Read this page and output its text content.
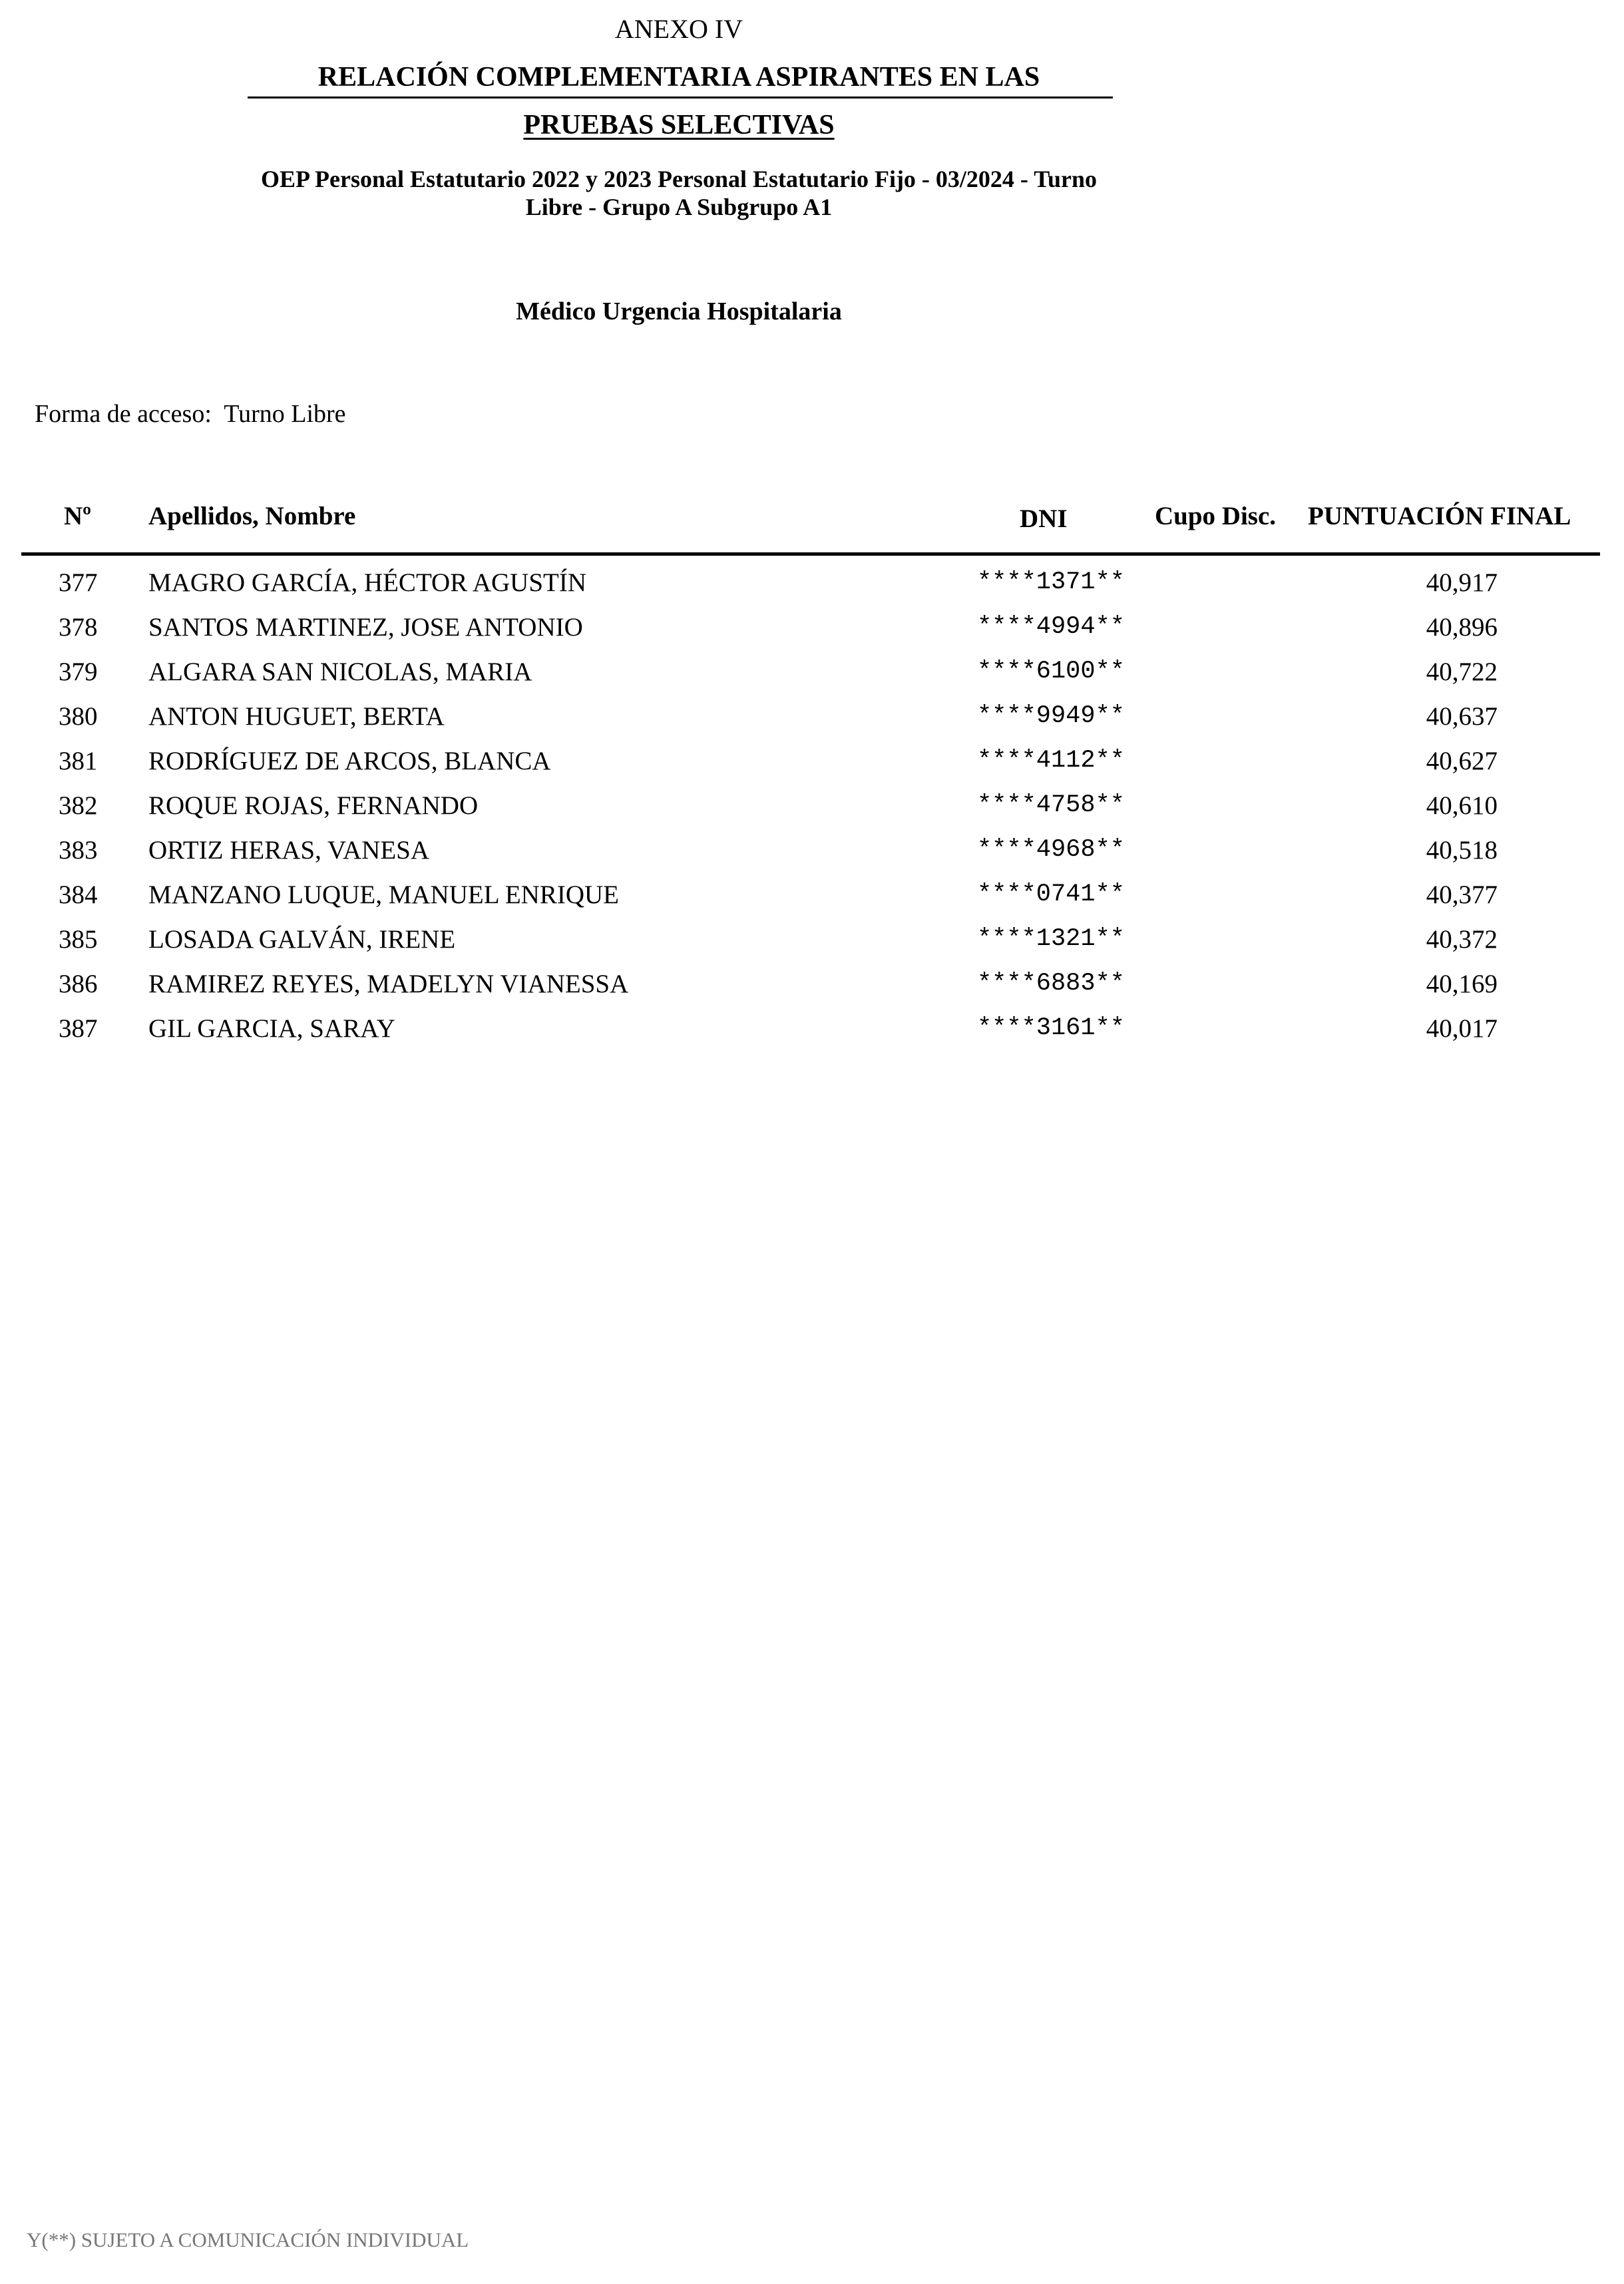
ANEXO IV
RELACIÓN COMPLEMENTARIA ASPIRANTES EN LAS
PRUEBAS SELECTIVAS
OEP Personal Estatutario 2022 y 2023 Personal Estatutario Fijo - 03/2024 - Turno
Libre - Grupo A Subgrupo A1
Médico Urgencia Hospitalaria
Forma de acceso: Turno Libre
Nº Apellidos, Nombre	DNI	Cupo Disc. PUNTUACIÓN FINAL
377 MAGRO GARCÍA, HÉCTOR AGUSTÍN	****1371**	40,917
378 SANTOS MARTINEZ, JOSE ANTONIO	****4994**	40,896
379 ALGARA SAN NICOLAS, MARIA	****6100**	40,722
380 ANTON HUGUET, BERTA	****9949**	40,637
381 RODRÍGUEZ DE ARCOS, BLANCA	****4112**	40,627
382 ROQUE ROJAS, FERNANDO	****4758**	40,610
383 ORTIZ HERAS, VANESA	****4968**	40,518
384 MANZANO LUQUE, MANUEL ENRIQUE	****0741**	40,377
385 LOSADA GALVÁN, IRENE	****1321**	40,372
386 RAMIREZ REYES, MADELYN VIANESSA	****6883**	40,169
387 GIL GARCIA, SARAY	****3161**	40,017
Y(**) SUJETO A COMUNICACIÓN INDIVIDUAL
